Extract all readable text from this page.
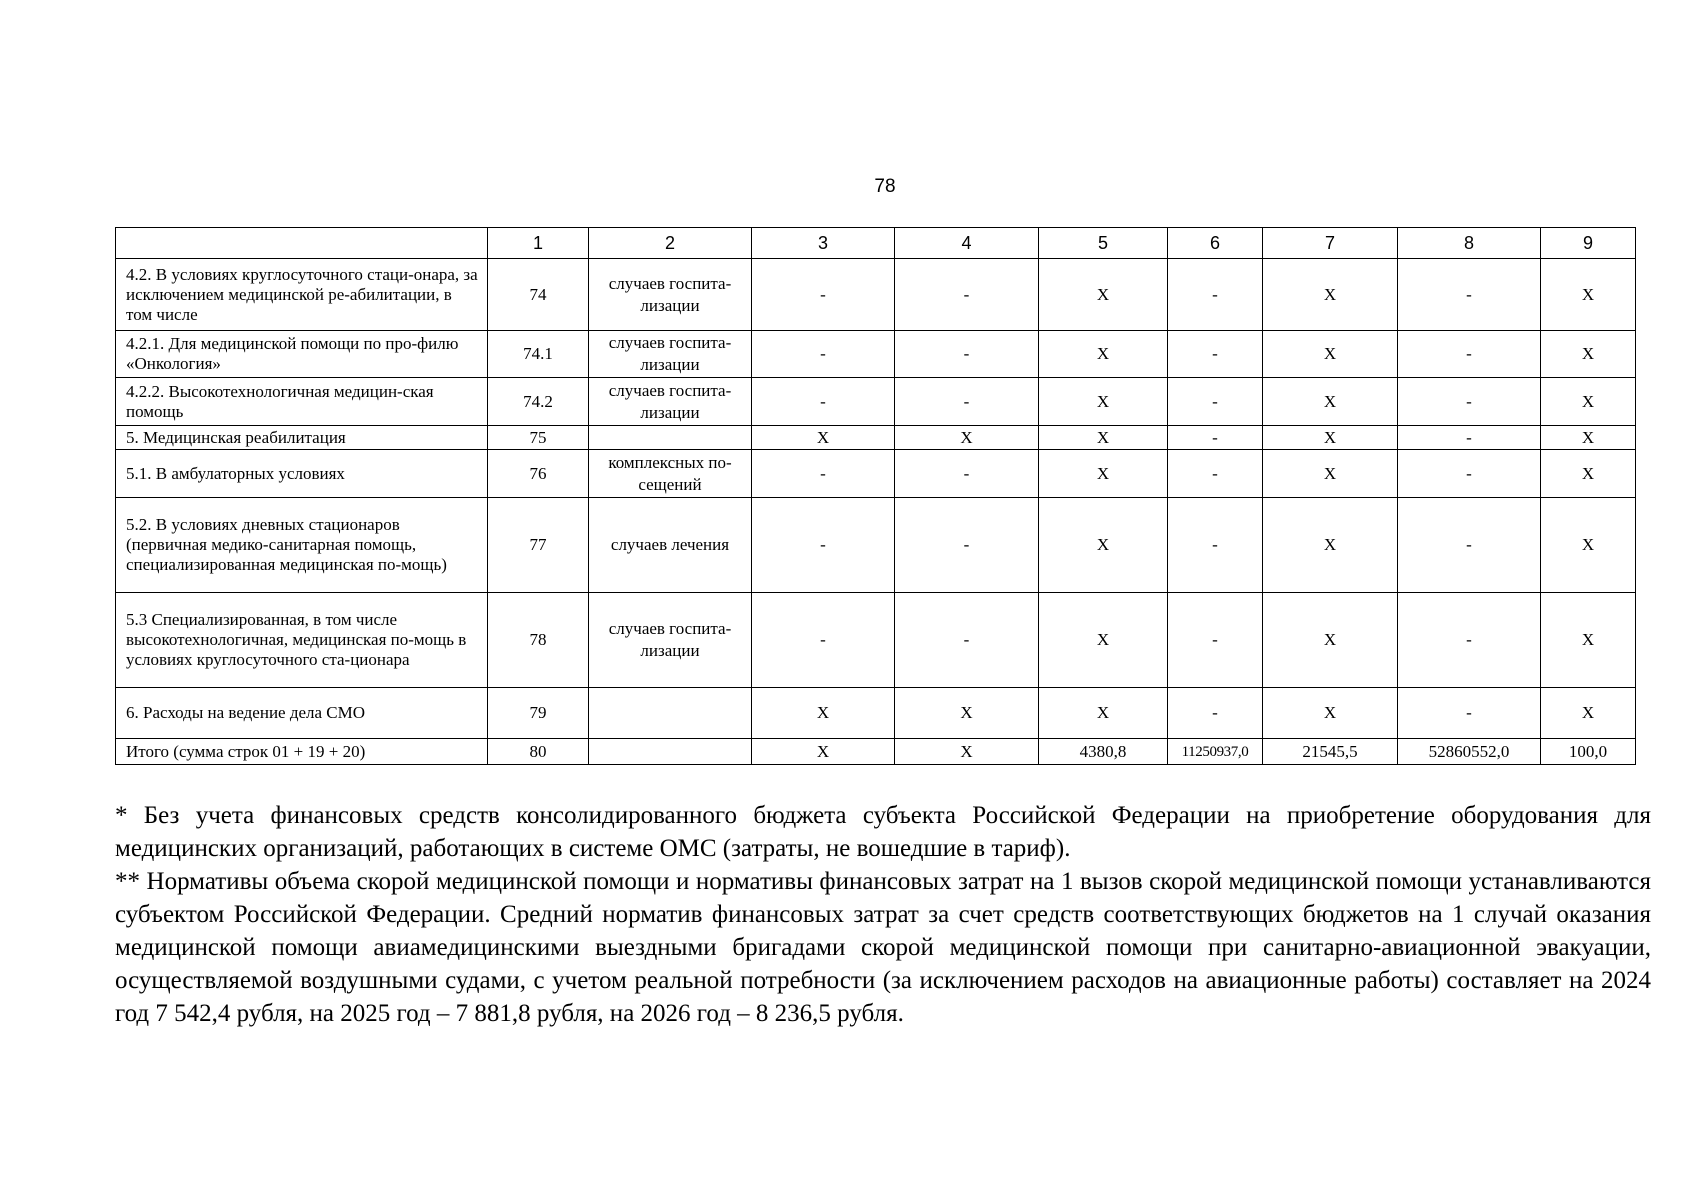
78
	1	2	3	4	5	6	7	8	9
4.2. В условиях круглосуточного стаци-онара, за исключением медицинской ре-абилитации, в том числе	74	случаев госпита-лизации	-	-	Х	-	Х	-	Х
4.2.1. Для медицинской помощи по про-филю «Онкология»	74.1	случаев госпита-лизации	-	-	Х	-	Х	-	Х
4.2.2. Высокотехнологичная медицин-ская помощь	74.2	случаев госпита-лизации	-	-	Х	-	Х	-	Х
5. Медицинская реабилитация	75		Х	Х	Х	-	Х	-	Х
5.1. В амбулаторных условиях	76	комплексных по-сещений	-	-	Х	-	Х	-	Х
5.2. В условиях дневных стационаров (первичная медико-санитарная помощь, специализированная медицинская по-мощь)	77	случаев лечения	-	-	Х	-	Х	-	Х
5.3 Специализированная, в том числе высокотехнологичная, медицинская по-мощь в условиях круглосуточного ста-ционара	78	случаев госпита-лизации	-	-	Х	-	Х	-	Х
6. Расходы на ведение дела СМО	79		Х	Х	Х	-	Х	-	Х
Итого (сумма строк 01 + 19 + 20)	80		Х	Х	4380,8	11250937,0	21545,5	52860552,0	100,0

* Без учета финансовых средств консолидированного бюджета субъекта Российской Федерации на приобретение оборудования для медицинских организаций, работающих в системе ОМС (затраты, не вошедшие в тариф).

** Нормативы объема скорой медицинской помощи и нормативы финансовых затрат на 1 вызов скорой медицинской помощи устанавливаются субъектом Российской Федерации. Средний норматив финансовых затрат за счет средств соответствующих бюджетов на 1 случай оказания медицинской помощи авиамедицинскими выездными бригадами скорой медицинской помощи при санитарно-авиационной эвакуации, осуществляемой воздушными судами, с учетом реальной потребности (за исключением расходов на авиационные работы) составляет на 2024 год 7 542,4 рубля, на 2025 год – 7 881,8 рубля, на 2026 год – 8 236,5 рубля.
